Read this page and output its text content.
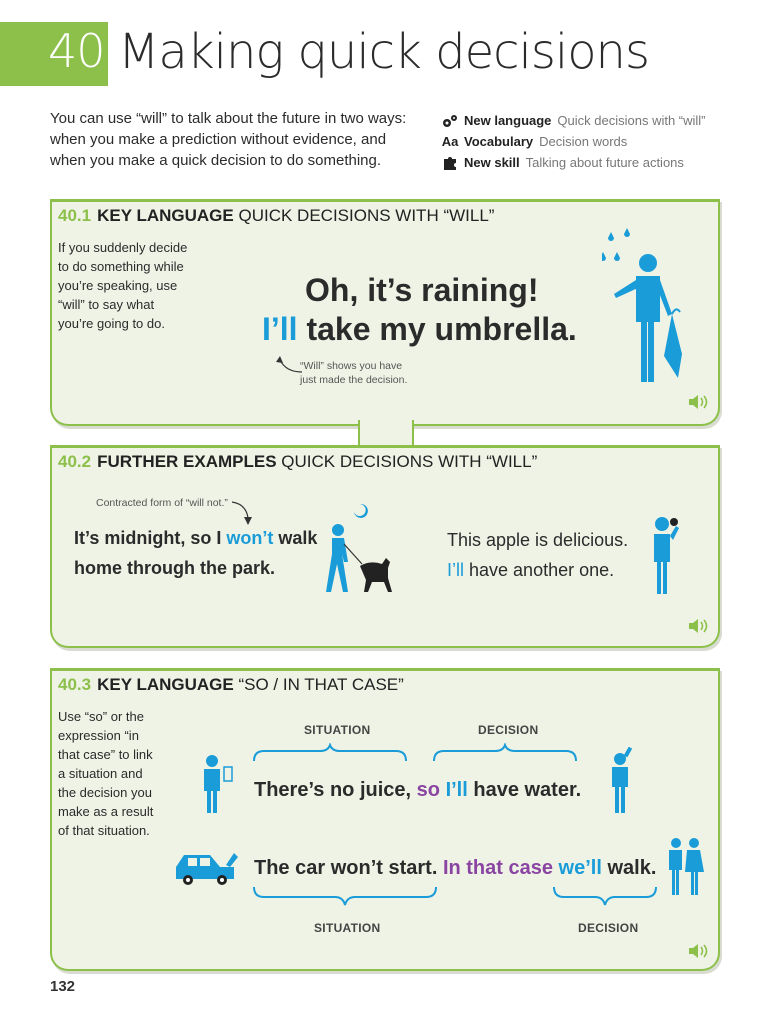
40 Making quick decisions
You can use “will” to talk about the future in two ways: when you make a prediction without evidence, and when you make a quick decision to do something.
New language Quick decisions with “will”
Aa Vocabulary Decision words
New skill Talking about future actions
40.1 KEY LANGUAGE QUICK DECISIONS WITH “WILL”
If you suddenly decide to do something while you’re speaking, use “will” to say what you’re going to do.
Oh, it’s raining!
I’ll take my umbrella.
“Will” shows you have just made the decision.
40.2 FURTHER EXAMPLES QUICK DECISIONS WITH “WILL”
Contracted form of “will not.”
It’s midnight, so I won’t walk
home through the park.
This apple is delicious.
I’ll have another one.
40.3 KEY LANGUAGE “SO / IN THAT CASE”
Use “so” or the expression “in that case” to link a situation and the decision you make as a result of that situation.
SITUATION	DECISION
There’s no juice, so I’ll have water.
The car won’t start. In that case we’ll walk.
SITUATION	DECISION
132
